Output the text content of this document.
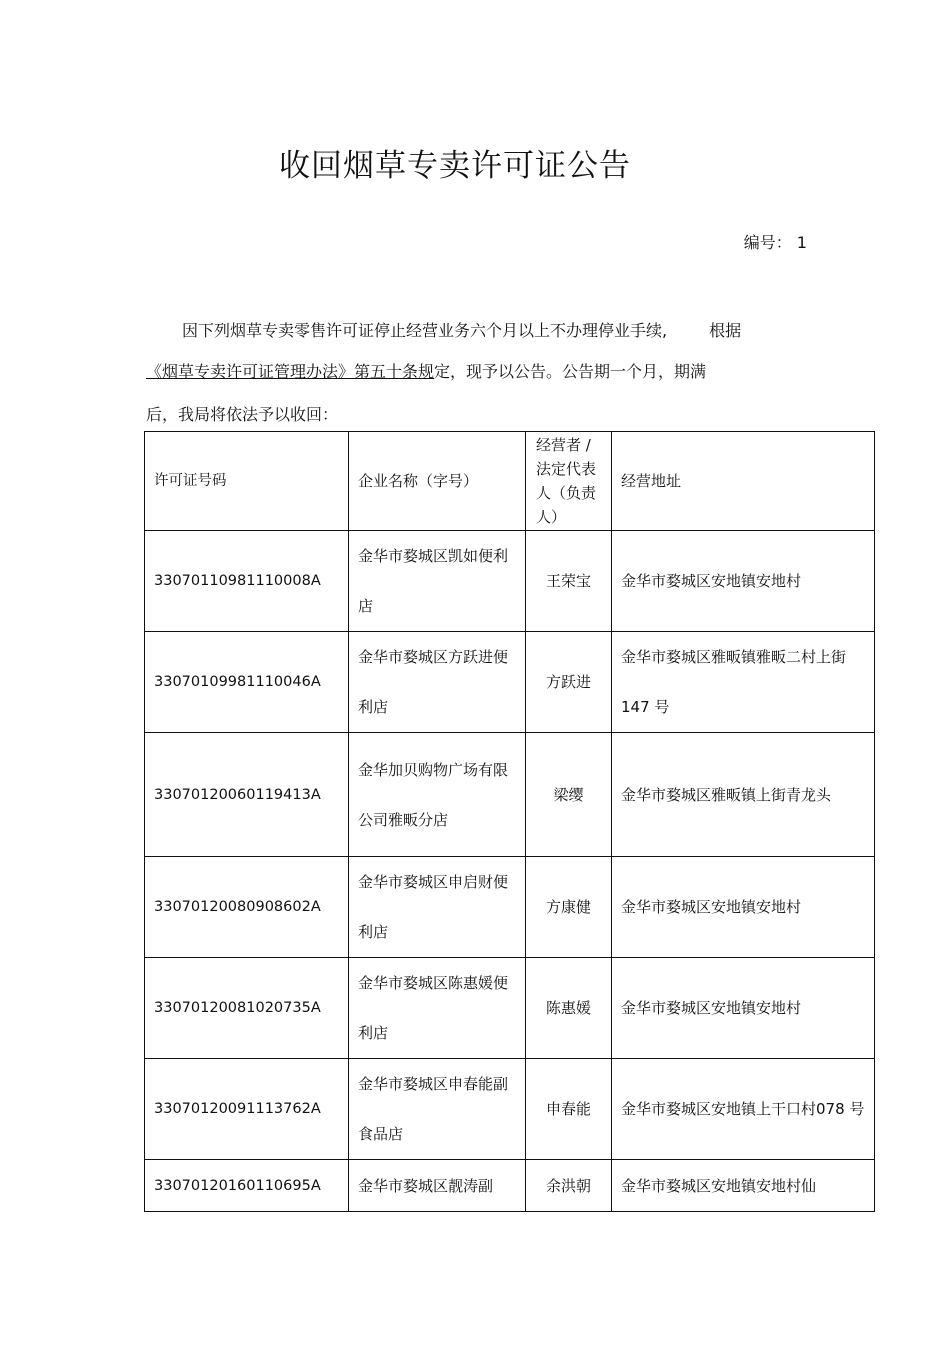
收回烟草专卖许可证公告
编号： 1
因下列烟草专卖零售许可证停止经营业务六个月以上不办理停业手续,	根据
《烟草专卖许可证管理办法》第五十条规定，现予以公告。公告期一个月，期满
后，我局将依法予以收回：
许可证号码	企业名称（字号）	经营者 / 法定代表人（负责人）	经营地址
33070110981110008A	金华市婺城区凯如便利店	王荣宝	金华市婺城区安地镇安地村
33070109981110046A	金华市婺城区方跃进便利店	方跃进	金华市婺城区雅畈镇雅畈二村上街 147 号
33070120060119413A	金华加贝购物广场有限公司雅畈分店	梁缨	金华市婺城区雅畈镇上街青龙头
33070120080908602A	金华市婺城区申启财便利店	方康健	金华市婺城区安地镇安地村
33070120081020735A	金华市婺城区陈惠媛便利店	陈惠媛	金华市婺城区安地镇安地村
33070120091113762A	金华市婺城区申春能副食品店	申春能	金华市婺城区安地镇上干口村078 号
33070120160110695A	金华市婺城区靓涛副	余洪朝	金华市婺城区安地镇安地村仙
